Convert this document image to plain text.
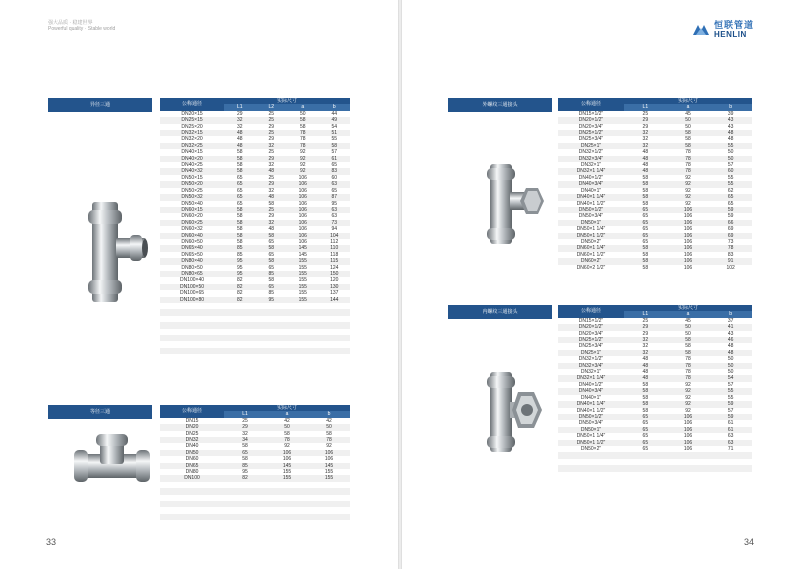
强大品质 · 稳建世界
Powerful quality · Stable world
异径三通	公称通径	实际尺寸			
	L1	L2	a	b
DN20×15	29	25	50	44
DN25×15	32	25	58	49
DN25×20	32	29	58	54
DN32×15	48	25	78	51
DN32×20	48	29	78	55
DN32×25	48	32	78	58
DN40×15	58	25	92	57
DN40×20	58	29	92	61
DN40×25	58	32	92	65
DN40×32	58	48	92	83
DN50×15	65	25	106	60
DN50×20	65	29	106	63
DN50×25	65	32	106	65
DN50×32	65	48	106	87
DN50×40	65	58	106	95
DN60×15	58	25	106	63
DN60×20	58	29	106	63
DN60×25	58	32	106	73
DN60×32	58	48	106	94
DN60×40	58	58	106	104
DN60×50	58	65	106	112
DN65×40	85	58	145	110
DN65×50	85	65	145	118
DN80×40	95	58	155	115
DN80×50	95	65	155	124
DN80×65	95	85	155	150
DN100×40	82	58	155	120
DN100×50	82	65	155	130
DN100×65	82	85	155	137
DN100×80	82	95	155	144

等径三通	公称通径	实际尺寸		
	L1	a	b
DN15	25	42	42
DN20	29	50	50
DN25	32	58	58
DN32	34	78	78
DN40	58	92	92
DN50	65	106	106
DN60	58	106	106
DN65	85	145	145
DN80	95	155	155
DN100	82	155	155

33
恒联管道
HENLIN
外螺纹三通接头	公称通径	实际尺寸		
	L1	a	b
DN15×1/2"	25	45	39
DN20×1/2"	29	50	43
DN20×3/4"	29	50	43
DN25×1/2"	32	58	48
DN25×3/4"	32	58	48
DN25×1"	32	58	55
DN32×1/2"	48	78	50
DN32×3/4"	48	78	50
DN32×1"	48	78	57
DN32×1 1/4"	48	78	60
DN40×1/2"	58	92	55
DN40×3/4"	58	92	55
DN40×1"	58	92	62
DN40×1 1/4"	58	92	65
DN40×1 1/2"	58	92	65
DN50×1/2"	65	106	59
DN50×3/4"	65	106	59
DN50×1"	65	106	66
DN50×1 1/4"	65	106	69
DN50×1 1/2"	65	106	69
DN50×2"	65	106	73
DN60×1 1/4"	58	106	78
DN60×1 1/2"	58	106	83
DN60×2"	58	106	91
DN60×2 1/2"	58	106	102
内螺纹三通接头	公称通径	实际尺寸		
	L1	a	b
DN15×1/2"	25	45	37
DN20×1/2"	29	50	41
DN20×3/4"	29	50	43
DN25×1/2"	32	58	46
DN25×3/4"	32	58	48
DN25×1"	32	58	48
DN32×1/2"	48	78	50
DN32×3/4"	48	78	50
DN32×1"	48	78	50
DN32×1 1/4"	48	78	54
DN40×1/2"	58	92	57
DN40×3/4"	58	92	55
DN40×1"	58	92	55
DN40×1 1/4"	58	92	59
DN40×1 1/2"	58	92	57
DN50×1/2"	65	106	59
DN50×3/4"	65	106	61
DN50×1"	65	106	61
DN50×1 1/4"	65	106	63
DN50×1 1/2"	65	106	63
DN50×2"	65	106	71

34
